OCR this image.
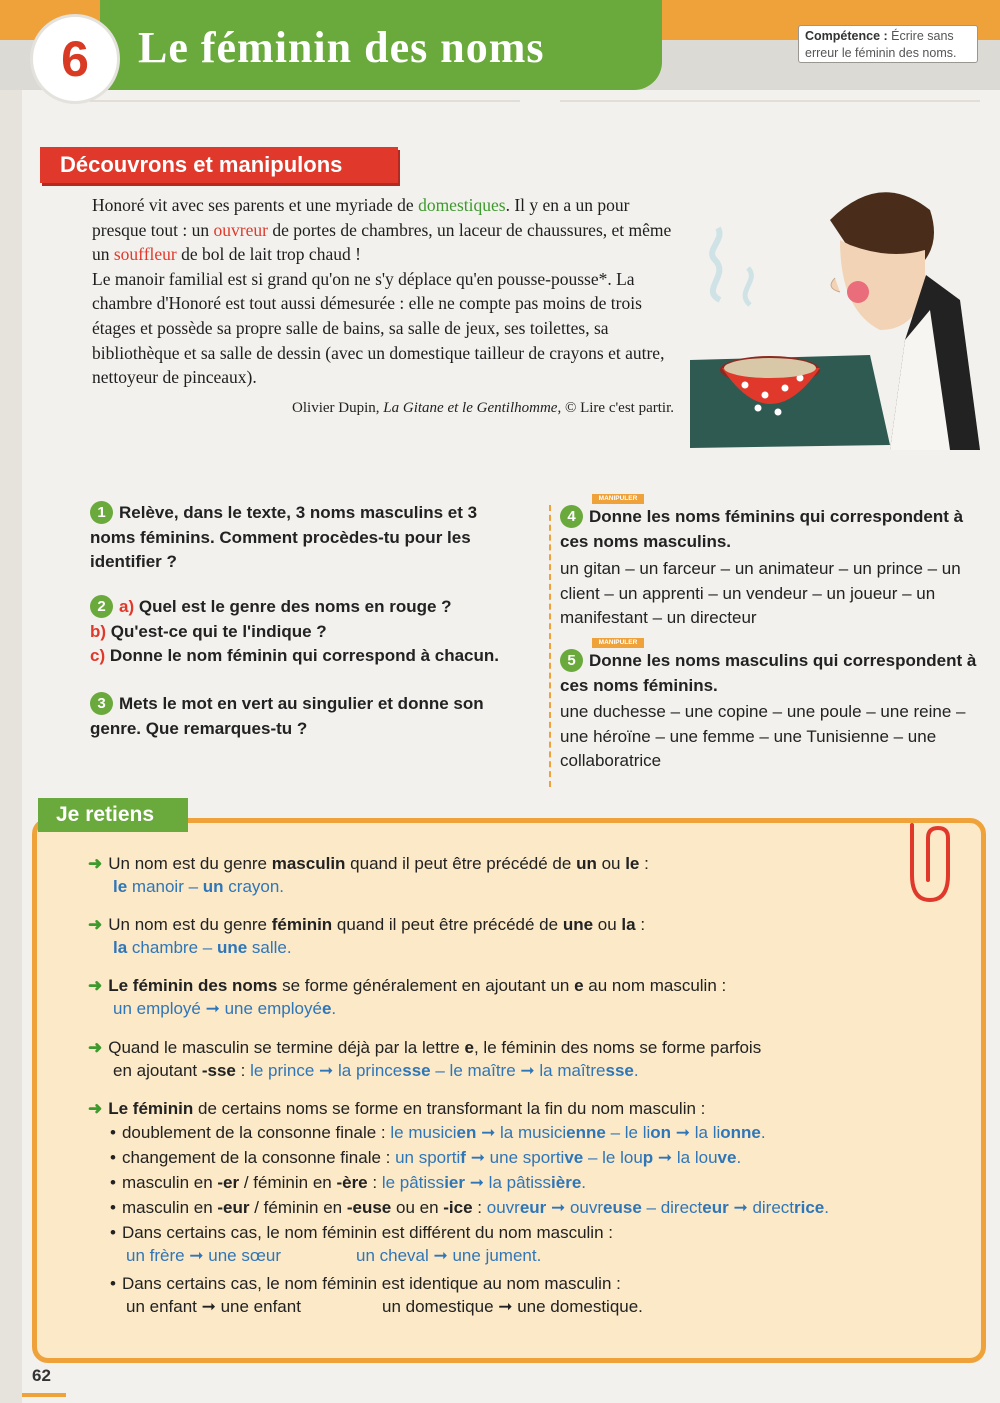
6	Le féminin des noms	Compétence : Écrire sans erreur le féminin des noms.
Découvrons et manipulons

Honoré vit avec ses parents et une myriade de domestiques. Il y en a un pour presque tout : un ouvreur de portes de chambres, un laceur de chaussures, et même un souffleur de bol de lait trop chaud !

Le manoir familial est si grand qu'on ne s'y déplace qu'en pousse-pousse*. La chambre d'Honoré est tout aussi démesurée : elle ne compte pas moins de trois étages et possède sa propre salle de bains, sa salle de jeux, ses toilettes, sa bibliothèque et sa salle de dessin (avec un domestique tailleur de crayons et autre, nettoyeur de pinceaux).

Olivier Dupin, La Gitane et le Gentilhomme, © Lire c'est partir.

1 Relève, dans le texte, 3 noms masculins et 3 noms féminins. Comment procèdes-tu pour les identifier ?

2 a) Quel est le genre des noms en rouge ?
b) Qu'est-ce qui te l'indique ?
c) Donne le nom féminin qui correspond à chacun.

3 Mets le mot en vert au singulier et donne son genre. Que remarques-tu ?

MANIPULER

4 Donne les noms féminins qui correspondent à ces noms masculins.

un gitan – un farceur – un animateur – un prince – un client – un apprenti – un vendeur – un joueur – un manifestant – un directeur

MANIPULER

5 Donne les noms masculins qui correspondent à ces noms féminins.

une duchesse – une copine – une poule – une reine – une héroïne – une femme – une Tunisienne – une collaboratrice

Je retiens
➜ Un nom est du genre masculin quand il peut être précédé de un ou le :
le manoir – un crayon.
➜ Un nom est du genre féminin quand il peut être précédé de une ou la :
la chambre – une salle.
➜ Le féminin des noms se forme généralement en ajoutant un e au nom masculin :
un employé ➞ une employée.
➜ Quand le masculin se termine déjà par la lettre e, le féminin des noms se forme parfois
en ajoutant -sse : le prince ➞ la princesse – le maître ➞ la maîtresse.
➜ Le féminin de certains noms se forme en transformant la fin du nom masculin :
• doublement de la consonne finale : le musicien ➞ la musicienne – le lion ➞ la lionne.
• changement de la consonne finale : un sportif ➞ une sportive – le loup ➞ la louve.
• masculin en -er / féminin en -ère : le pâtissier ➞ la pâtissière.
• masculin en -eur / féminin en -euse ou en -ice : ouvreur ➞ ouvreuse – directeur ➞ directrice.
• Dans certains cas, le nom féminin est différent du nom masculin :
un frère ➞ une sœur	un cheval ➞ une jument.
• Dans certains cas, le nom féminin est identique au nom masculin :
un enfant ➞ une enfant	un domestique ➞ une domestique.
62
